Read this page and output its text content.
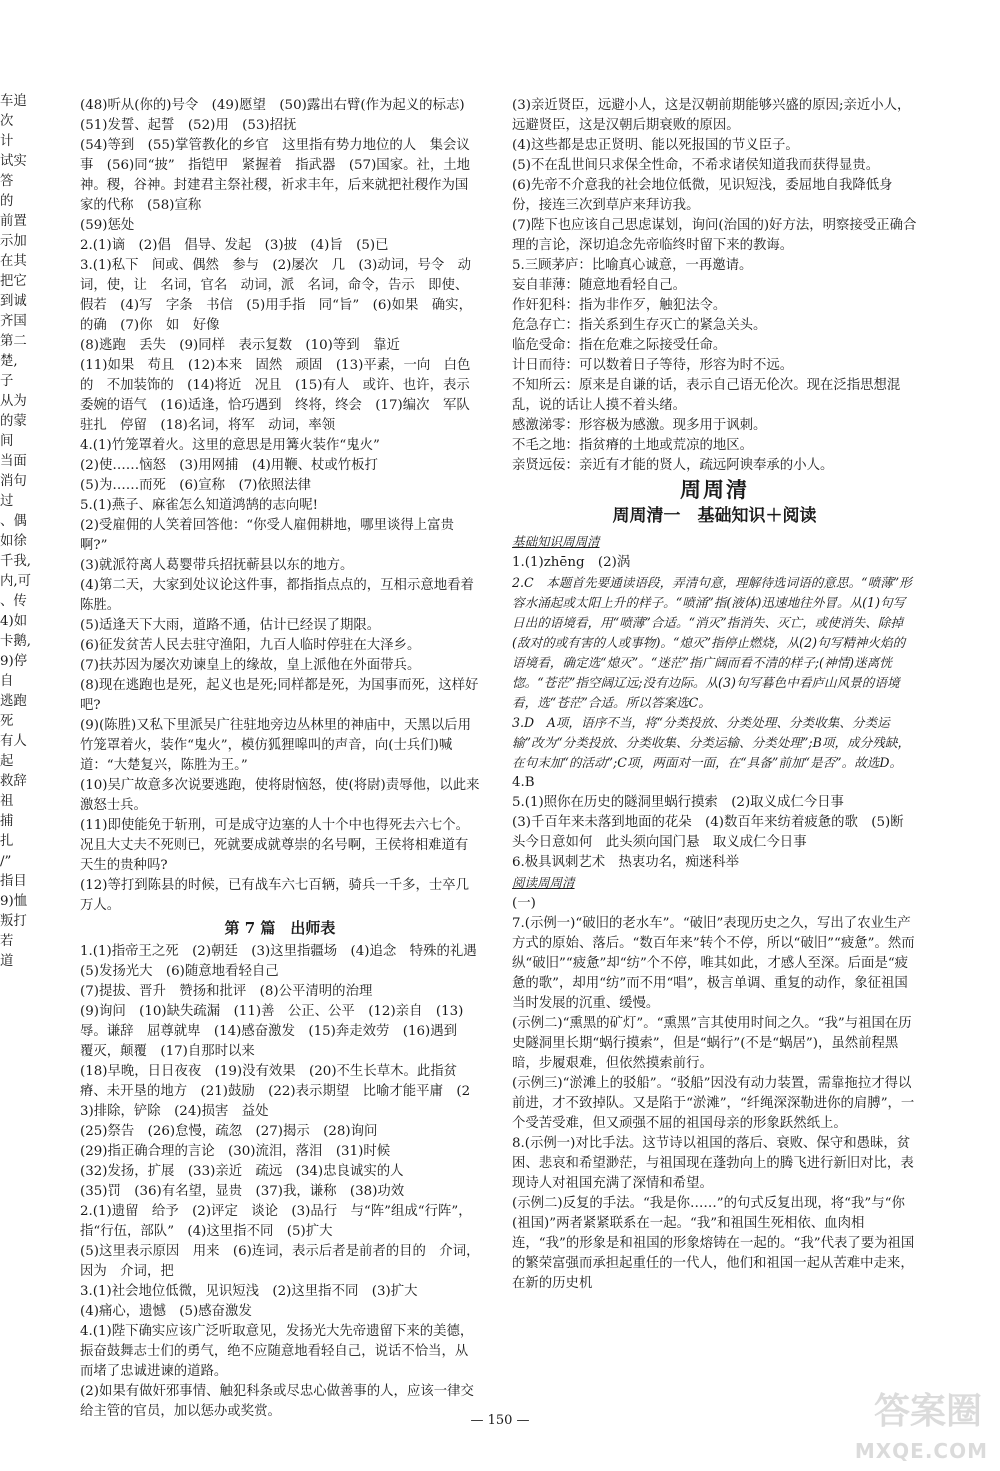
车追

次

计

试实

答

的

前置

示加

在其

把它

到诚

齐国

第二

楚,

子

从为

的蒙

间

当面

消句

过

、偶

如徐

千我,

内,可

、传

4)如

卡鹅,

9)停

自

逃跑

死

有人

起

救辞

祖

捕

扎

/”

指目

9)恤

叛打

若

道

(48)听从(你的)号令　(49)愿望　(50)露出右臂(作为起义的标志)　(51)发誓、起誓　(52)用　(53)招抚

(54)等到　(55)掌管教化的乡官　这里指有势力地位的人　集会议事　(56)同“披”　指铠甲　紧握着　指武器　(57)国家。社，土地神。稷，谷神。封建君主祭社稷，祈求丰年，后来就把社稷作为国家的代称　(58)宣称

(59)惩处

2.(1)谪　(2)倡　倡导、发起　(3)披　(4)旨　(5)已

3.(1)私下　间或、偶然　参与　(2)屡次　几　(3)动词，号令　动词，使，让　名词，官名　动词，派　名词，命令，告示　即使、假若　(4)写　字条　书信　(5)用手指　同“旨”　(6)如果　确实，的确　(7)你　如　好像

(8)逃跑　丢失　(9)同样　表示复数　(10)等到　靠近

(11)如果　苟且　(12)本来　固然　顽固　(13)平素，一向　白色的　不加装饰的　(14)将近　况且　(15)有人　或许、也许，表示委婉的语气　(16)适逢，恰巧遇到　终将，终会　(17)编次　军队驻扎　停留　(18)名词，将军　动词，率领

4.(1)竹笼罩着火。这里的意思是用篝火装作“鬼火”

(2)使……恼怒　(3)用网捕　(4)用鞭、杖或竹板打

(5)为……而死　(6)宣称　(7)依照法律

5.(1)燕子、麻雀怎么知道鸿鹄的志向呢!

(2)受雇佣的人笑着回答他：“你受人雇佣耕地，哪里谈得上富贵啊?”

(3)就派符离人葛婴带兵招抚蕲县以东的地方。

(4)第二天，大家到处议论这件事，都指指点点的，互相示意地看着陈胜。

(5)适逢天下大雨，道路不通，估计已经误了期限。

(6)征发贫苦人民去驻守渔阳，九百人临时停驻在大泽乡。

(7)扶苏因为屡次劝谏皇上的缘故，皇上派他在外面带兵。

(8)现在逃跑也是死，起义也是死;同样都是死，为国事而死，这样好吧?

(9)(陈胜)又私下里派吴广往驻地旁边丛林里的神庙中，天黑以后用竹笼罩着火，装作“鬼火”，模仿狐狸嗥叫的声音，向(士兵们)喊道：“大楚复兴，陈胜为王。”

(10)吴广故意多次说要逃跑，使将尉恼怒，使(将尉)责辱他，以此来激怒士兵。

(11)即使能免于斩刑，可是成守边塞的人十个中也得死去六七个。况且大丈夫不死则已，死就要成就尊崇的名号啊，王侯将相难道有天生的贵种吗?

(12)等打到陈县的时候，已有战车六七百辆，骑兵一千多，士卒几万人。

第 7 篇　出师表

1.(1)指帝王之死　(2)朝廷　(3)这里指疆场　(4)追念　特殊的礼遇　(5)发扬光大　(6)随意地看轻自己

(7)提拔、晋升　赞扬和批评　(8)公平清明的治理

(9)询问　(10)缺失疏漏　(11)善　公正、公平　(12)亲自　(13)辱。谦辞　屈尊就卑　(14)感奋激发　(15)奔走效劳　(16)遇到　覆灭，颠覆　(17)自那时以来

(18)早晚，日日夜夜　(19)没有效果　(20)不生长草木。此指贫瘠、未开垦的地方　(21)鼓励　(22)表示期望　比喻才能平庸　(23)排除，铲除　(24)损害　益处

(25)祭告　(26)怠慢，疏忽　(27)揭示　(28)询问

(29)指正确合理的言论　(30)流泪，落泪　(31)时候

(32)发扬，扩展　(33)亲近　疏远　(34)忠良诚实的人

(35)罚　(36)有名望，显贵　(37)我，谦称　(38)功效

2.(1)遗留　给予　(2)评定　谈论　(3)品行　与“阵”组成“行阵”，指“行伍，部队”　(4)这里指不同　(5)扩大

(5)这里表示原因　用来　(6)连词，表示后者是前者的目的　介词，因为　介词，把

3.(1)社会地位低微，见识短浅　(2)这里指不同　(3)扩大

(4)痛心，遗憾　(5)感奋激发

4.(1)陛下确实应该广泛听取意见，发扬光大先帝遗留下来的美德，振奋鼓舞志士们的勇气，绝不应随意地看轻自己，说话不恰当，从而堵了忠诚进谏的道路。

(2)如果有做奸邪事情、触犯科条或尽忠心做善事的人，应该一律交给主管的官员，加以惩办或奖赏。

(3)亲近贤臣，远避小人，这是汉朝前期能够兴盛的原因;亲近小人，远避贤臣，这是汉朝后期衰败的原因。

(4)这些都是忠正贤明、能以死报国的节义臣子。

(5)不在乱世间只求保全性命，不希求诸侯知道我而获得显贵。

(6)先帝不介意我的社会地位低微，见识短浅，委屈地自我降低身份，接连三次到草庐来拜访我。

(7)陛下也应该自己思虑谋划，询问(治国的)好方法，明察接受正确合理的言论，深切追念先帝临终时留下来的教诲。

5.三顾茅庐：比喻真心诚意，一再邀请。

妄自菲薄：随意地看轻自己。

作奸犯科：指为非作歹，触犯法令。

危急存亡：指关系到生存灭亡的紧急关头。

临危受命：指在危难之际接受任命。

计日而待：可以数着日子等待，形容为时不远。

不知所云：原来是自谦的话，表示自己语无伦次。现在泛指思想混乱，说的话让人摸不着头绪。

感激涕零：形容极为感激。现多用于讽刺。

不毛之地：指贫瘠的土地或荒凉的地区。

亲贤远佞：亲近有才能的贤人，疏远阿谀奉承的小人。

周周清

周周清一　基础知识＋阅读

基础知识周周清

1.(1)zhēng　(2)涡

2.C　本题首先要通读语段，弄清句意，理解待选词语的意思。“喷薄”形容水涌起或太阳上升的样子。“喷涌”指(液体)迅速地往外冒。从(1)句写日出的语境看，用“喷薄”合适。“消灭”指消失、灭亡，或使消失、除掉(敌对的或有害的人或事物)。“熄灭”指停止燃烧，从(2)句写精神火焰的语境看，确定选“熄灭”。“迷茫”指广阔而看不清的样子;(神情)迷离恍惚。“苍茫”指空阔辽远;没有边际。从(3)句写暮色中看庐山风景的语境看，选“苍茫”合适。所以答案选C。

3.D　A项，语序不当，将“分类投放、分类处理、分类收集、分类运输”改为“分类投放、分类收集、分类运输、分类处理”;B项，成分残缺，在句末加“的活动”;C项，两面对一面，在“具备”前加“是否”。故选D。

4.B

5.(1)照你在历史的隧洞里蜗行摸索　(2)取义成仁今日事

(3)千百年来未落到地面的花朵　(4)数百年来纺着疲惫的歌　(5)断头今日意如何　此头须向国门悬　取义成仁今日事

6.极具讽刺艺术　热衷功名，痴迷科举

阅读周周清

(一)

7.(示例一)“破旧的老水车”。“破旧”表现历史之久，写出了农业生产方式的原始、落后。“数百年来”转个不停，所以“破旧”“疲惫”。然而纵“破旧”“疲惫”却“纺”个不停，唯其如此，才感人至深。后面是“疲惫的歌”，却用“纺”而不用“唱”，极言单调、重复的动作，象征祖国当时发展的沉重、缓慢。

(示例二)“熏黑的矿灯”。“熏黑”言其使用时间之久。“我”与祖国在历史隧洞里长期“蜗行摸索”，但是“蜗行”(不是“蜗居”)，虽然前程黑暗，步履艰难，但依然摸索前行。

(示例三)“淤滩上的驳船”。“驳船”因没有动力装置，需靠拖拉才得以前进，才不致掉队。又是陷于“淤滩”，“纤绳深深勒进你的肩膊”，一个受苦受难，但又顽强不屈的祖国母亲的形象跃然纸上。

8.(示例一)对比手法。这节诗以祖国的落后、衰败、保守和愚昧，贫困、悲哀和希望渺茫，与祖国现在蓬勃向上的腾飞进行新旧对比，表现诗人对祖国充满了深情和希望。

(示例二)反复的手法。“我是你……”的句式反复出现，将“我”与“你(祖国)”两者紧紧联系在一起。“我”和祖国生死相依、血肉相连，“我”的形象是和祖国的形象熔铸在一起的。“我”代表了要为祖国的繁荣富强而承担起重任的一代人，他们和祖国一起从苦难中走来，在新的历史机

— 150 —	答案圈
MXQE.COM
